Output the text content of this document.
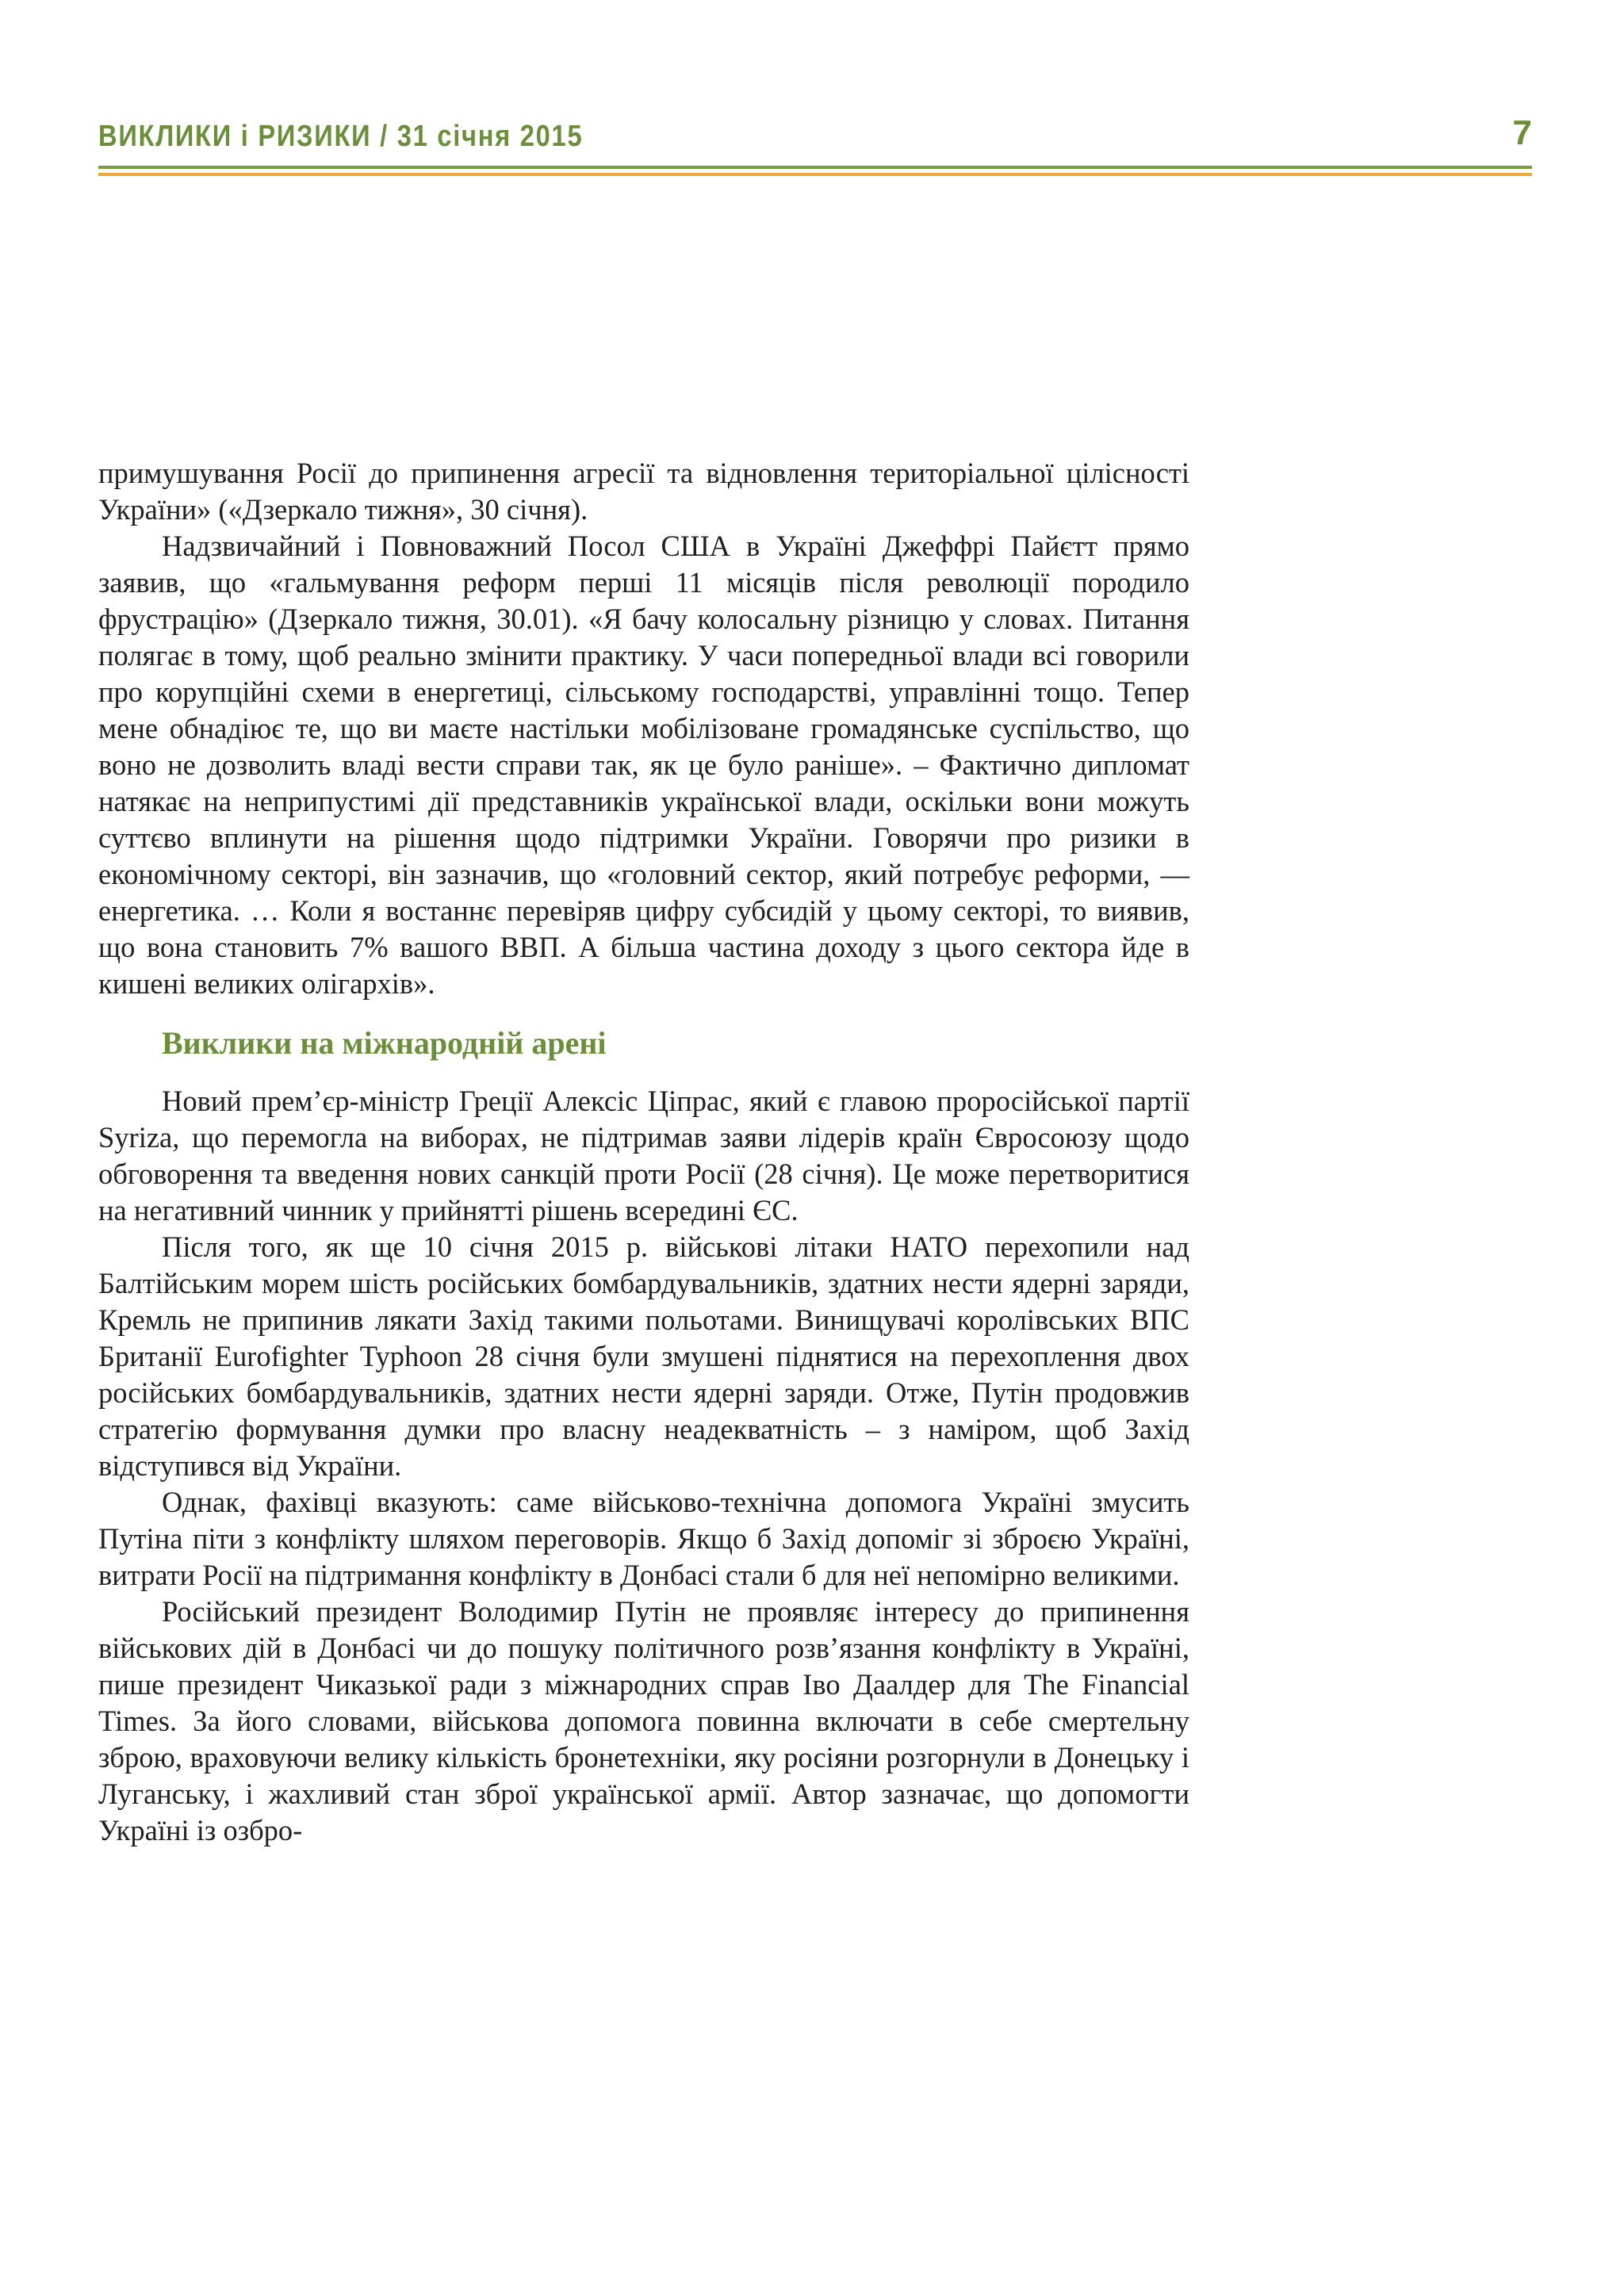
ВИКЛИКИ і РИЗИКИ / 31 січня 2015	7

примушування Росії до припинення агресії та відновлення територіальної цілісності України» («Дзеркало тижня», 30 січня).

Надзвичайний і Повноважний Посол США в Україні Джеффрі Пайєтт прямо заявив, що «гальмування реформ перші 11 місяців після революції породило фрустрацію» (Дзеркало тижня, 30.01). «Я бачу колосальну різницю у словах. Питання полягає в тому, щоб реально змінити практику. У часи попередньої влади всі говорили про корупційні схеми в енергетиці, сільському господарстві, управлінні тощо. Тепер мене обнадіює те, що ви маєте настільки мобілізоване громадянське суспільство, що воно не дозволить владі вести справи так, як це було раніше». – Фактично дипломат натякає на неприпустимі дії представників української влади, оскільки вони можуть суттєво вплинути на рішення щодо підтримки України. Говорячи про ризики в економічному секторі, він зазначив, що «головний сектор, який потребує реформи, — енергетика. … Коли я востаннє перевіряв цифру субсидій у цьому секторі, то виявив, що вона становить 7% вашого ВВП. А більша частина доходу з цього сектора йде в кишені великих олігархів».

Виклики на міжнародній арені

Новий прем’єр-міністр Греції Алексіс Ціпрас, який є главою проросійської партії Syriza, що перемогла на виборах, не підтримав заяви лідерів країн Євросоюзу щодо обговорення та введення нових санкцій проти Росії (28 січня). Це може перетворитися на негативний чинник у прийнятті рішень всередині ЄС.

Після того, як ще 10 січня 2015 р. військові літаки НАТО перехопили над Балтійським морем шість російських бомбардувальників, здатних нести ядерні заряди, Кремль не припинив лякати Захід такими польотами. Винищувачі королівських ВПС Британії Eurofighter Typhoon 28 січня були змушені піднятися на перехоплення двох російських бомбардувальників, здатних нести ядерні заряди. Отже, Путін продовжив стратегію формування думки про власну неадекватність – з наміром, щоб Захід відступився від України.

Однак, фахівці вказують: саме військово-технічна допомога Україні змусить Путіна піти з конфлікту шляхом переговорів. Якщо б Захід допоміг зі зброєю Україні, витрати Росії на підтримання конфлікту в Донбасі стали б для неї непомірно великими.

Російський президент Володимир Путін не проявляє інтересу до припинення військових дій в Донбасі чи до пошуку політичного розв’язання конфлікту в Україні, пише президент Чиказької ради з міжнародних справ Іво Даалдер для The Financial Times. За його словами, військова допомога повинна включати в себе смертельну зброю, враховуючи велику кількість бронетехніки, яку росіяни розгорнули в Донецьку і Луганську, і жахливий стан зброї української армії. Автор зазначає, що допомогти Україні із озбро-
